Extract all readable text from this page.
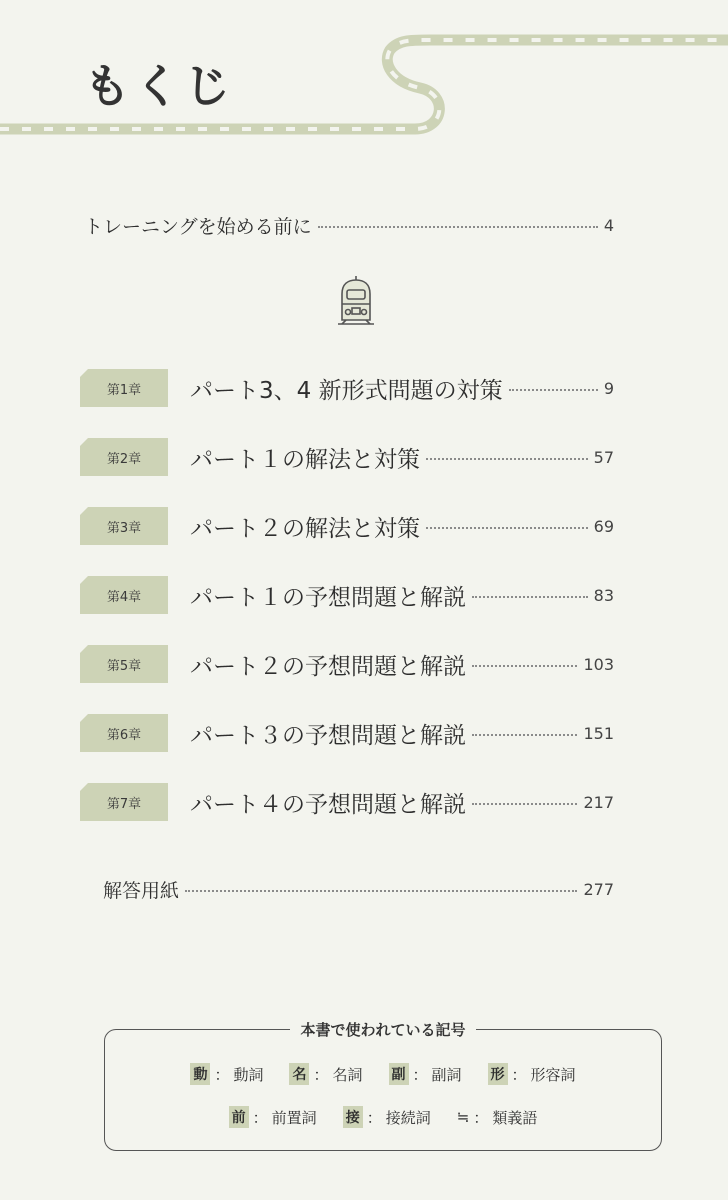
もくじ
トレーニングを始める前に	4
第1章	パート3、4 新形式問題の対策	9
第2章	パート１の解法と対策	57
第3章	パート２の解法と対策	69
第4章	パート１の予想問題と解説	83
第5章	パート２の予想問題と解説	103
第6章	パート３の予想問題と解説	151
第7章	パート４の予想問題と解説	217
解答用紙	277
本書で使われている記号
動 ： 動詞 名 ： 名詞 副 ： 副詞 形 ： 形容詞
前 ： 前置詞 接 ： 接続詞 ≒ ： 類義語
